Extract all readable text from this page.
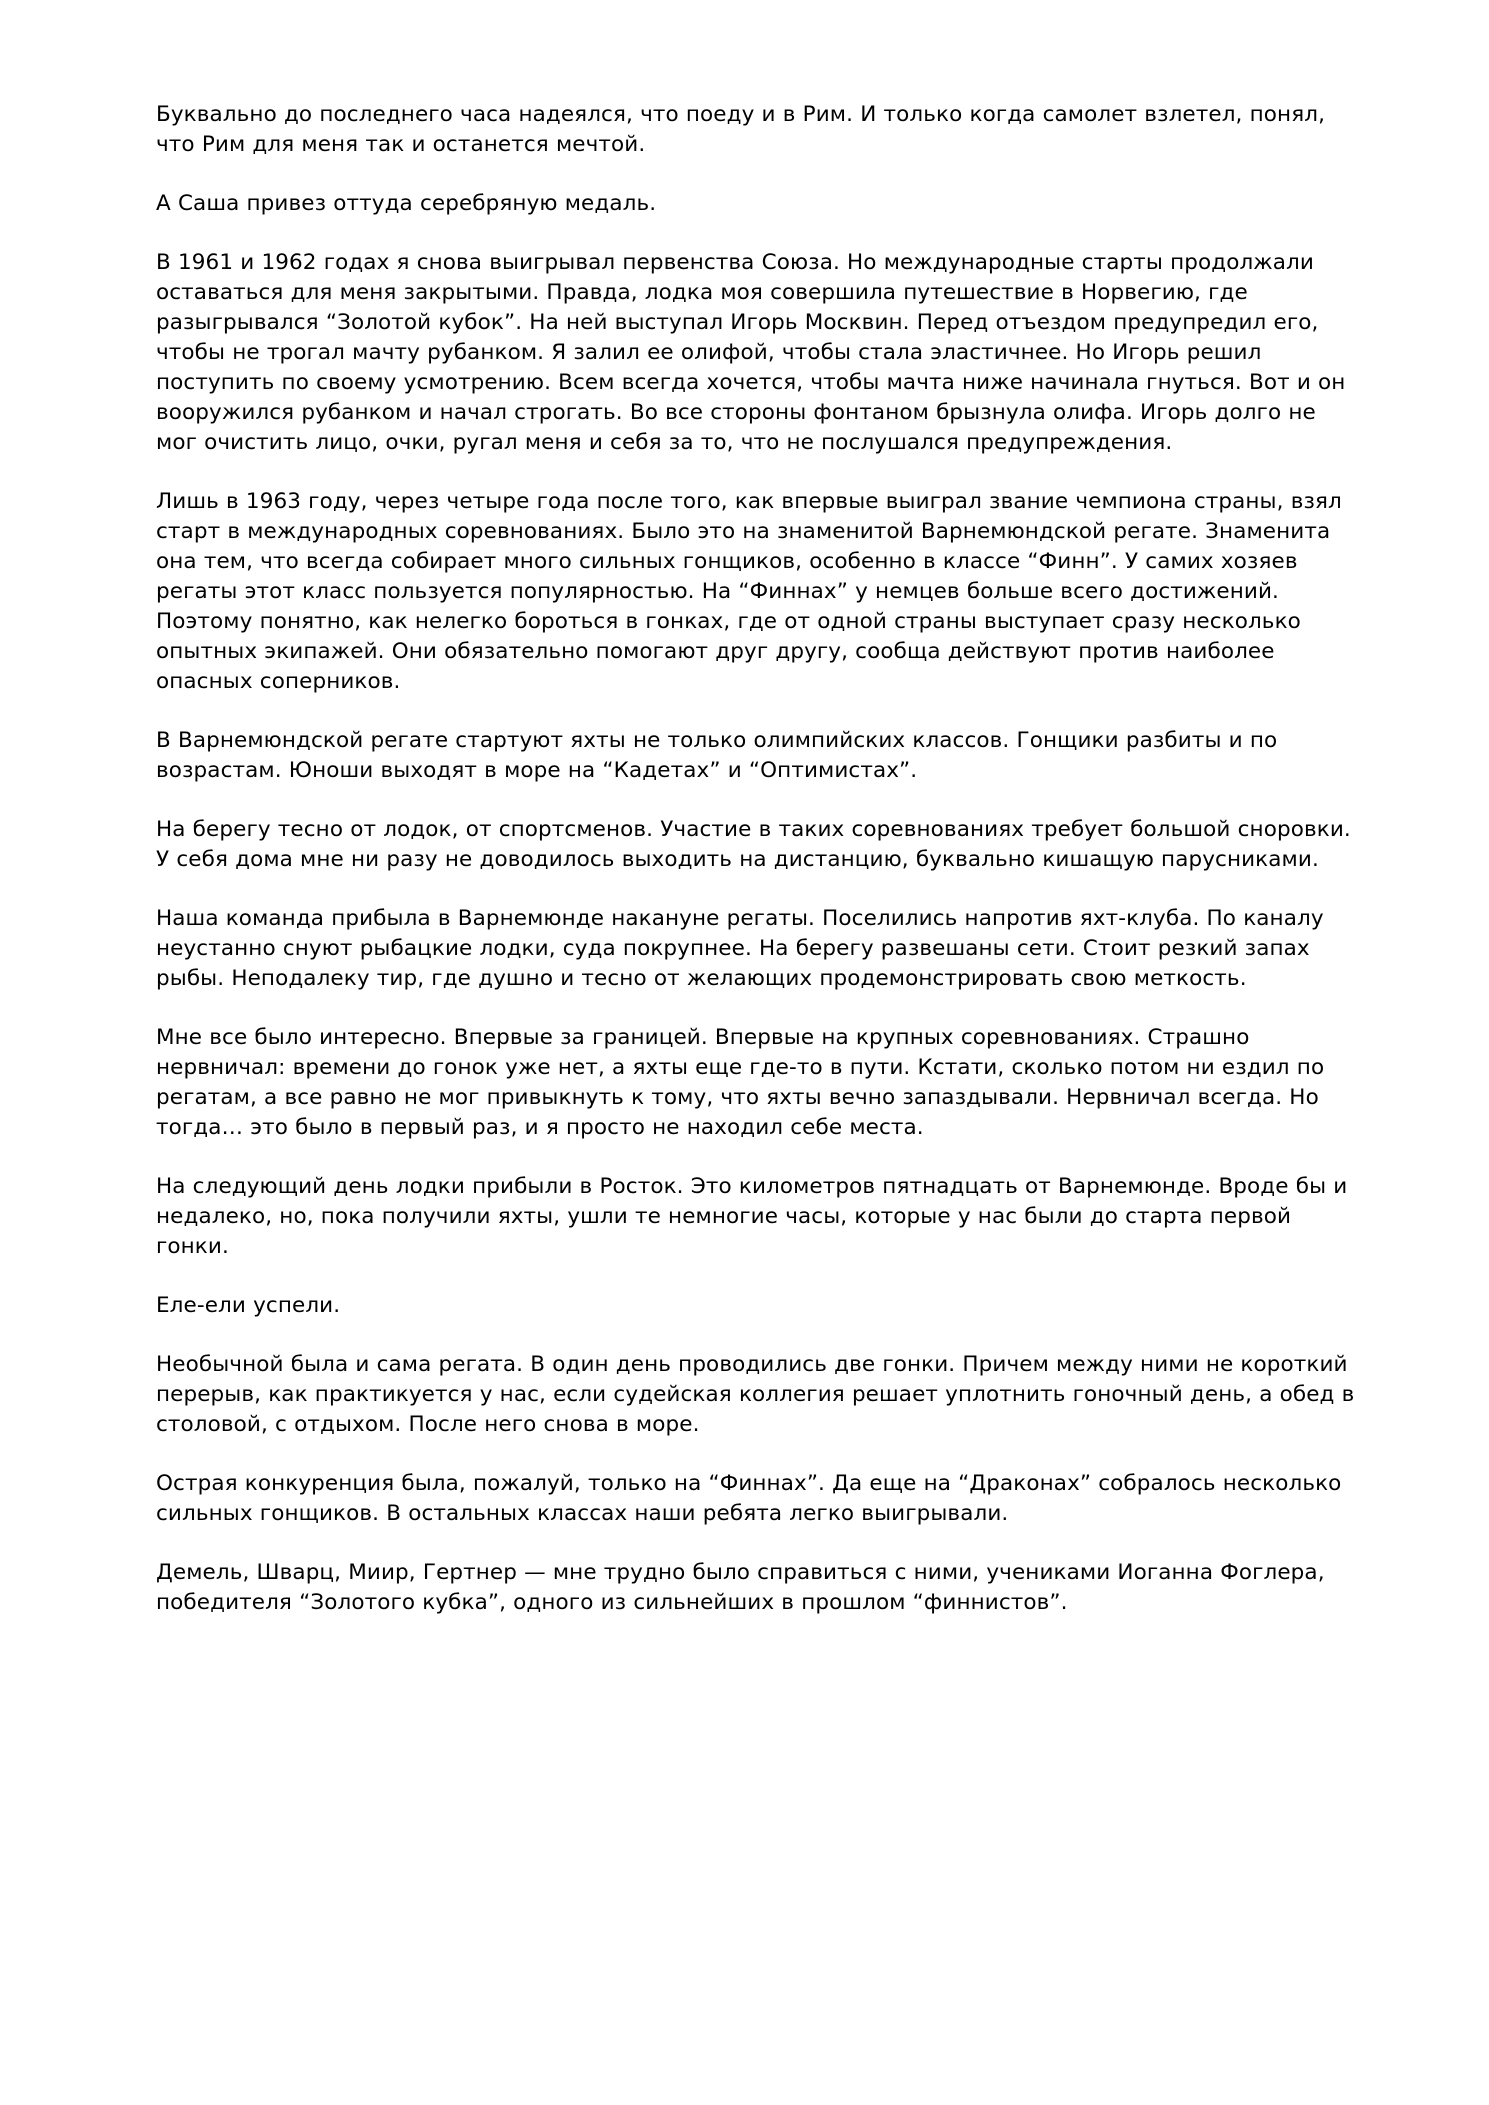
Буквально до последнего часа надеялся, что поеду и в Рим. И только когда самолет взлетел, понял, что Рим для меня так и останется мечтой.

А Саша привез оттуда серебряную медаль.

В 1961 и 1962 годах я снова выигрывал первенства Союза. Но международные старты продолжали оставаться для меня закрытыми. Правда, лодка моя совершила путешествие в Норвегию, где разыгрывался “Золотой кубок”. На ней выступал Игорь Москвин. Перед отъездом предупредил его, чтобы не трогал мачту рубанком. Я залил ее олифой, чтобы стала эластичнее. Но Игорь решил поступить по своему усмотрению. Всем всегда хочется, чтобы мачта ниже начинала гнуться. Вот и он вооружился рубанком и начал строгать. Во все стороны фонтаном брызнула олифа. Игорь долго не мог очистить лицо, очки, ругал меня и себя за то, что не послушался предупреждения.

Лишь в 1963 году, через четыре года после того, как впервые выиграл звание чемпиона страны, взял старт в международных соревнованиях. Было это на знаменитой Варнемюндской регате. Знаменита она тем, что всегда собирает много сильных гонщиков, особенно в классе “Финн”. У самих хозяев регаты этот класс пользуется популярностью. На “Финнах” у немцев больше всего достижений. Поэтому понятно, как нелегко бороться в гонках, где от одной страны выступает сразу несколько опытных экипажей. Они обязательно помогают друг другу, сообща действуют против наиболее опасных соперников.

В Варнемюндской регате стартуют яхты не только олимпийских классов. Гонщики разбиты и по возрастам. Юноши выходят в море на “Кадетах” и “Оптимистах”.

На берегу тесно от лодок, от спортсменов. Участие в таких соревнованиях требует большой сноровки. У себя дома мне ни разу не доводилось выходить на дистанцию, буквально кишащую парусниками.

Наша команда прибыла в Варнемюнде накануне регаты. Поселились напротив яхт-клуба. По каналу неустанно снуют рыбацкие лодки, суда покрупнее. На берегу развешаны сети. Стоит резкий запах рыбы. Неподалеку тир, где душно и тесно от желающих продемонстрировать свою меткость.

Мне все было интересно. Впервые за границей. Впервые на крупных соревнованиях. Страшно нервничал: времени до гонок уже нет, а яхты еще где-то в пути. Кстати, сколько потом ни ездил по регатам, а все равно не мог привыкнуть к тому, что яхты вечно запаздывали. Нервничал всегда. Но тогда… это было в первый раз, и я просто не находил себе места.

На следующий день лодки прибыли в Росток. Это километров пятнадцать от Варнемюнде. Вроде бы и недалеко, но, пока получили яхты, ушли те немногие часы, которые у нас были до старта первой гонки.

Еле-ели успели.

Необычной была и сама регата. В один день проводились две гонки. Причем между ними не короткий перерыв, как практикуется у нас, если судейская коллегия решает уплотнить гоночный день, а обед в столовой, с отдыхом. После него снова в море.

Острая конкуренция была, пожалуй, только на “Финнах”. Да еще на “Драконах” собралось несколько сильных гонщиков. В остальных классах наши ребята легко выигрывали.

Демель, Шварц, Миир, Гертнер — мне трудно было справиться с ними, учениками Иоганна Фоглера, победителя “Золотого кубка”, одного из сильнейших в прошлом “финнистов”.
